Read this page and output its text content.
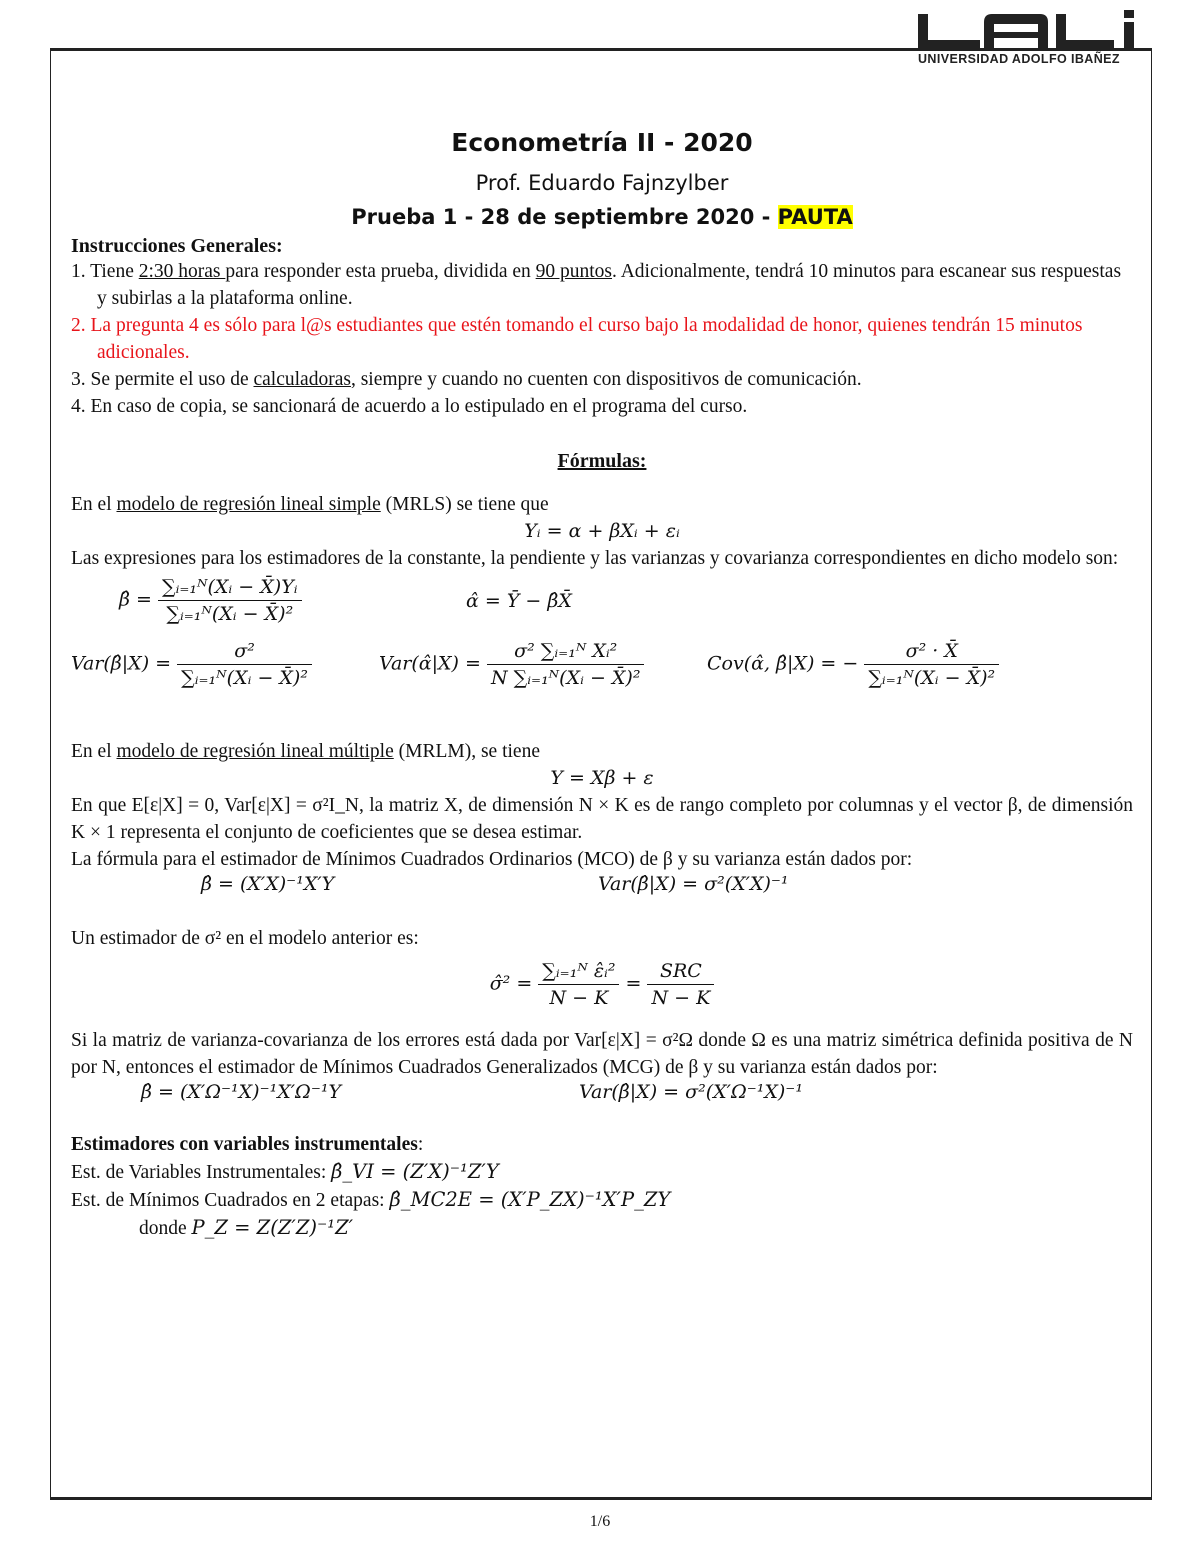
UNIVERSIDAD ADOLFO IBAÑEZ
Econometría II - 2020
Prof. Eduardo Fajnzylber
Prueba 1 - 28 de septiembre 2020 - PAUTA
Instrucciones Generales:
1. Tiene 2:30 horas para responder esta prueba, dividida en 90 puntos. Adicionalmente, tendrá 10 minutos para escanear sus respuestas y subirlas a la plataforma online.
2. La pregunta 4 es sólo para l@s estudiantes que estén tomando el curso bajo la modalidad de honor, quienes tendrán 15 minutos adicionales.
3. Se permite el uso de calculadoras, siempre y cuando no cuenten con dispositivos de comunicación.
4. En caso de copia, se sancionará de acuerdo a lo estipulado en el programa del curso.
Fórmulas:

En el modelo de regresión lineal simple (MRLS) se tiene que

Yᵢ = α + βXᵢ + εᵢ

Las expresiones para los estimadores de la constante, la pendiente y las varianzas y covarianza correspondientes en dicho modelo son:

β̂ = $\frac{\text{∑ᵢ₌₁ᴺ(Xᵢ − X̄)Yᵢ}}{\text{∑ᵢ₌₁ᴺ(Xᵢ − X̄)²}}$	α̂ = Ȳ − β̂X̄
Var(β̂|X) = $\frac{\text{σ²}}{\text{∑ᵢ₌₁ᴺ(Xᵢ − X̄)²}}$	Var(α̂|X) = $\frac{\text{σ² ∑ᵢ₌₁ᴺ Xᵢ²}}{\text{N ∑ᵢ₌₁ᴺ(Xᵢ − X̄)²}}$	Cov(α̂, β̂|X) = − $\frac{\text{σ² · X̄}}{\text{∑ᵢ₌₁ᴺ(Xᵢ − X̄)²}}$

En el modelo de regresión lineal múltiple (MRLM), se tiene

Y = Xβ + ε

En que E[ε|X] = 0, Var[ε|X] = σ²I_N, la matriz X, de dimensión N × K es de rango completo por columnas y el vector β, de dimensión K × 1 representa el conjunto de coeficientes que se desea estimar.

La fórmula para el estimador de Mínimos Cuadrados Ordinarios (MCO) de β y su varianza están dados por:

β̂ = (X′X)⁻¹X′Y	Var(β̂|X) = σ²(X′X)⁻¹

Un estimador de σ² en el modelo anterior es:

σ̂² = $\frac{\text{∑ᵢ₌₁ᴺ ε̂ᵢ²}}{N - K} = \frac{\text{SRC}}{N - K}$

Si la matriz de varianza-covarianza de los errores está dada por Var[ε|X] = σ²Ω donde Ω es una matriz simétrica definida positiva de N por N, entonces el estimador de Mínimos Cuadrados Generalizados (MCG) de β y su varianza están dados por:

β̂ = (X′Ω⁻¹X)⁻¹X′Ω⁻¹Y	Var(β̂|X) = σ²(X′Ω⁻¹X)⁻¹

Estimadores con variables instrumentales:

Est. de Variables Instrumentales: β̂_VI = (Z′X)⁻¹Z′Y

Est. de Mínimos Cuadrados en 2 etapas: β̂_MC2E = (X′P_ZX)⁻¹X′P_ZY

donde P_Z = Z(Z′Z)⁻¹Z′

1/6
